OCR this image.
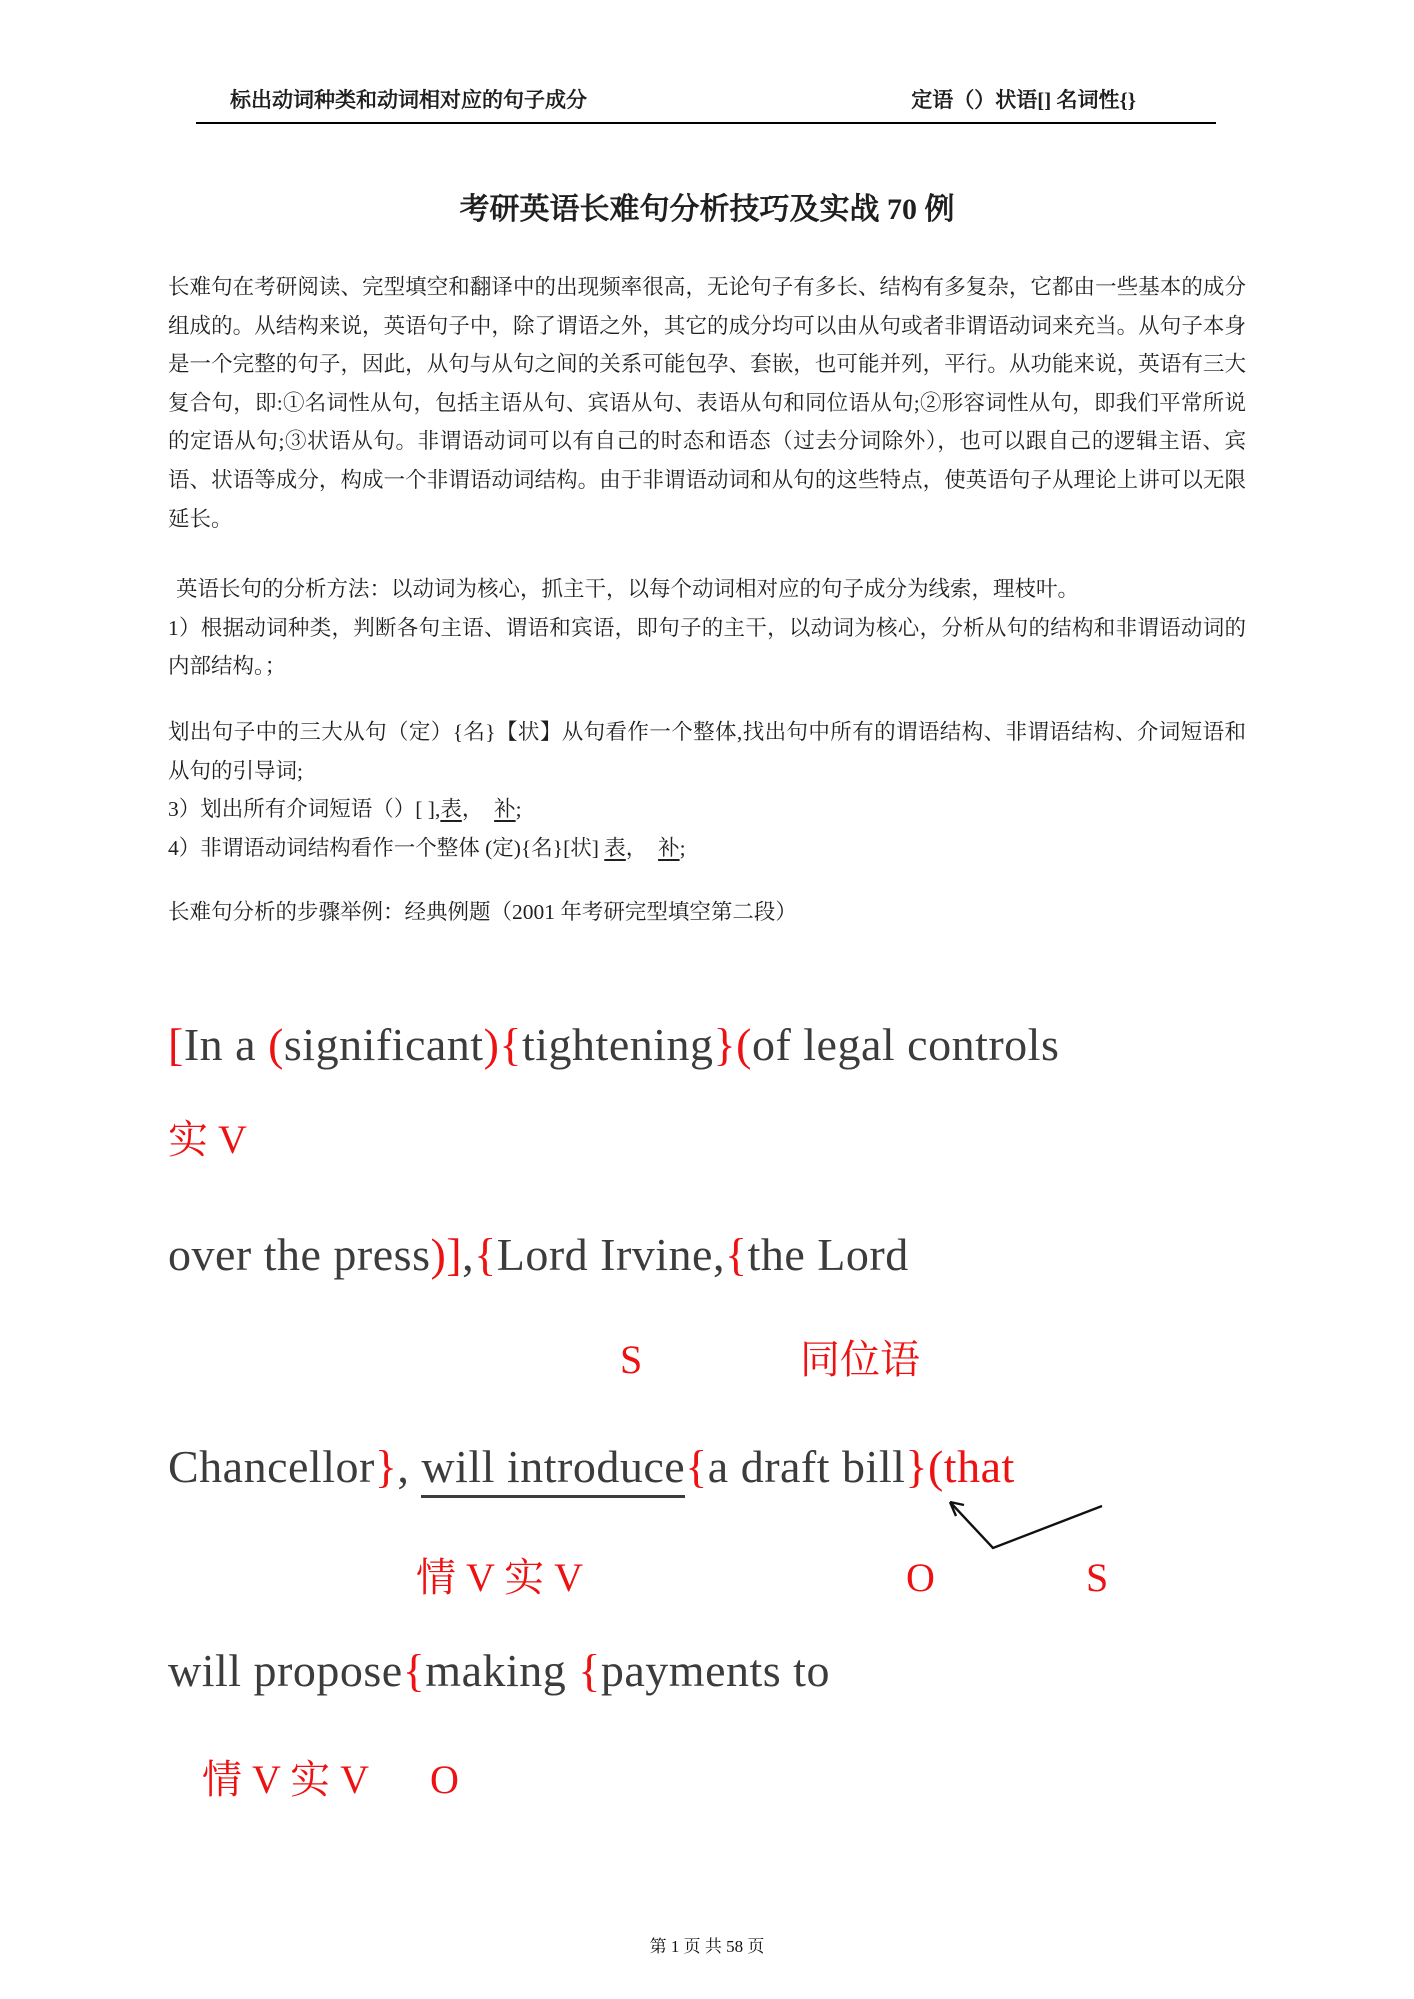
标出动词种类和动词相对应的句子成分	定语（）状语[] 名词性{}
考研英语长难句分析技巧及实战 70 例

长难句在考研阅读、完型填空和翻译中的出现频率很高，无论句子有多长、结构有多复杂，它都由一些基本的成分组成的。从结构来说，英语句子中，除了谓语之外，其它的成分均可以由从句或者非谓语动词来充当。从句子本身是一个完整的句子，因此，从句与从句之间的关系可能包孕、套嵌，也可能并列，平行。从功能来说，英语有三大复合句，即:①名词性从句，包括主语从句、宾语从句、表语从句和同位语从句;②形容词性从句，即我们平常所说的定语从句;③状语从句。非谓语动词可以有自己的时态和语态（过去分词除外），也可以跟自己的逻辑主语、宾语、状语等成分，构成一个非谓语动词结构。由于非谓语动词和从句的这些特点，使英语句子从理论上讲可以无限延长。

英语长句的分析方法：以动词为核心，抓主干，以每个动词相对应的句子成分为线索，理枝叶。

1）根据动词种类，判断各句主语、谓语和宾语，即句子的主干，以动词为核心，分析从句的结构和非谓语动词的内部结构。；

划出句子中的三大从句（定）{名}【状】从句看作一个整体,找出句中所有的谓语结构、非谓语结构、介词短语和从句的引导词;

3）划出所有介词短语（）[ ],表，　补;

4）非谓语动词结构看作一个整体 (定){名}[状] 表，　补;

长难句分析的步骤举例：经典例题（2001 年考研完型填空第二段）

[In a (significant){tightening}(of legal controls
实 V
over the press)],{Lord Irvine,{the Lord
S	同位语
Chancellor}, will introduce{a draft bill}(that
情 V 实 V	O	S
will propose{making {payments to
情 V 实 V O
第 1 页 共 58 页
